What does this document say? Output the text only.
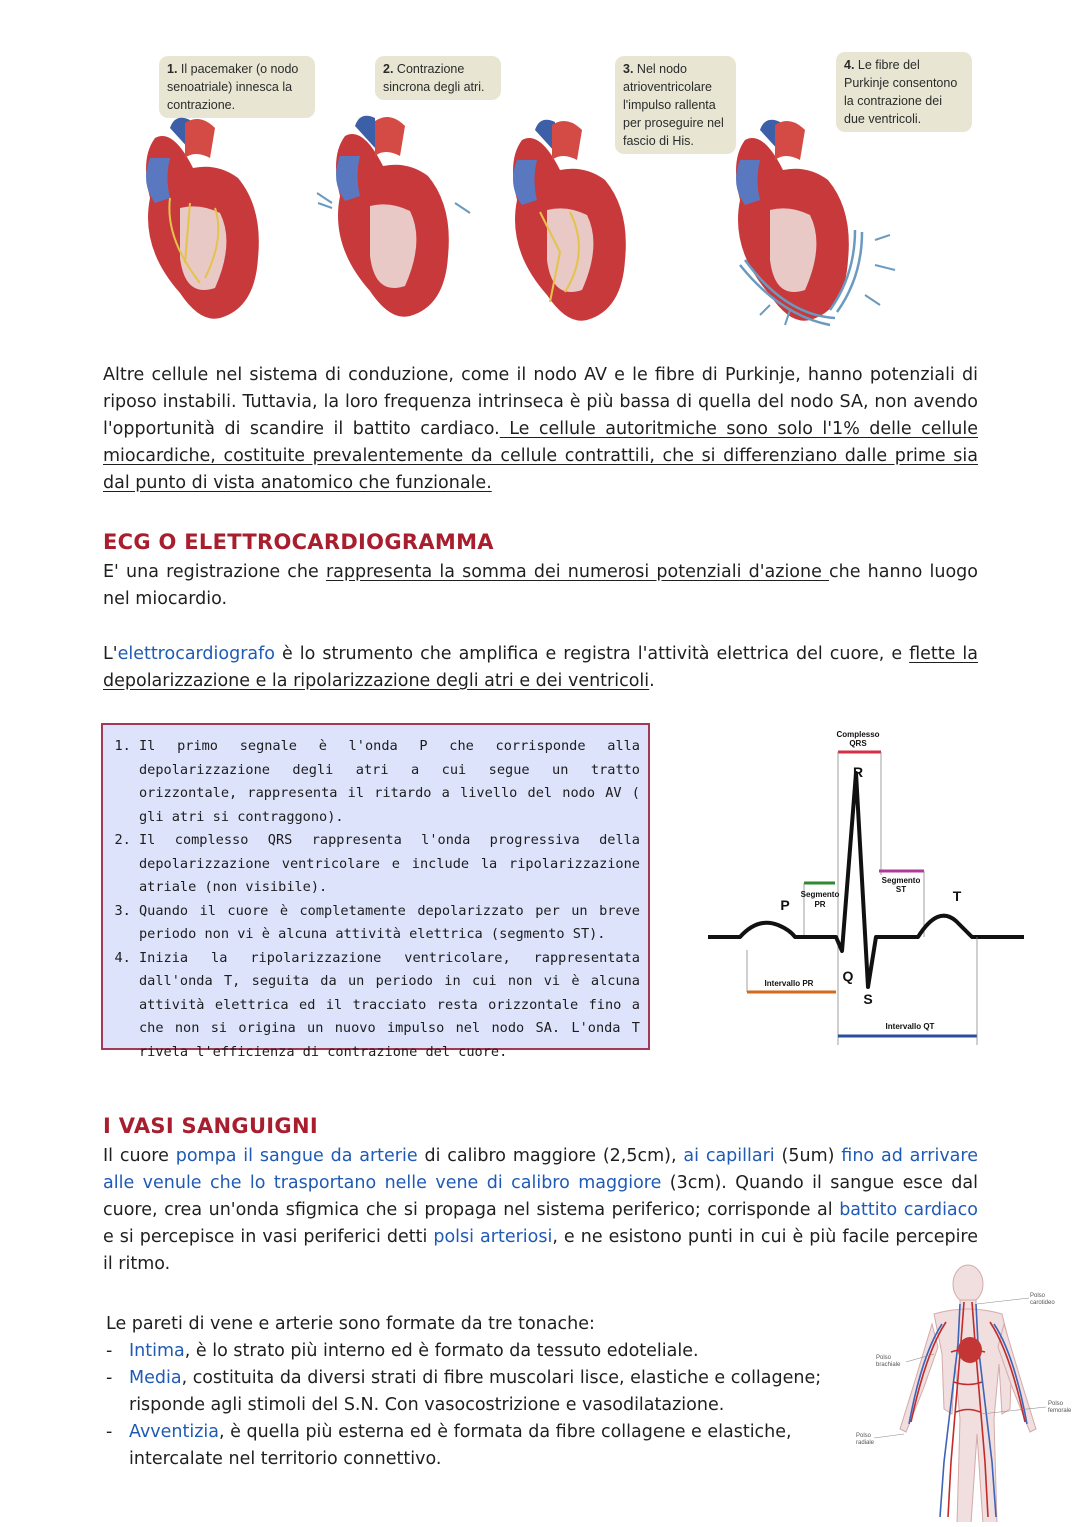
1. Il pacemaker (o nodo senoatriale) innesca la contrazione.
2. Contrazione sincrona degli atri.
3. Nel nodo atrioventricolare l'impulso rallenta per proseguire nel fascio di His.
4. Le fibre del Purkinje consentono la contrazione dei due ventricoli.
Altre cellule nel sistema di conduzione, come il nodo AV e le fibre di Purkinje, hanno potenziali di riposo instabili. Tuttavia, la loro frequenza intrinseca è più bassa di quella del nodo SA, non avendo l'opportunità di scandire il battito cardiaco. Le cellule autoritmiche sono solo l'1% delle cellule miocardiche, costituite prevalentemente da cellule contrattili, che si differenziano dalle prime sia dal punto di vista anatomico che funzionale.
ECG O ELETTROCARDIOGRAMMA
E' una registrazione che rappresenta la somma dei numerosi potenziali d'azione che hanno luogo nel miocardio.
L'elettrocardiografo è lo strumento che amplifica e registra l'attività elettrica del cuore, e flette la depolarizzazione e la ripolarizzazione degli atri e dei ventricoli.
1. Il primo segnale è l'onda P che corrisponde alla depolarizzazione degli atri a cui segue un tratto orizzontale, rappresenta il ritardo a livello del nodo AV ( gli atri si contraggono).
2. Il complesso QRS rappresenta l'onda progressiva della depolarizzazione ventricolare e include la ripolarizzazione atriale (non visibile).
3. Quando il cuore è completamente depolarizzato per un breve periodo non vi è alcuna attività elettrica (segmento ST).
4. Inizia la ripolarizzazione ventricolare, rappresentata dall'onda T, seguita da un periodo in cui non vi è alcuna attività elettrica ed il tracciato resta orizzontale fino a che non si origina un nuovo impulso nel nodo SA. L'onda T rivela l'efficienza di contrazione del cuore.
Complesso
QRS
Segmento
PR
Segmento
ST
P
R
Q
S
T
Intervallo PR
Intervallo QT
I VASI SANGUIGNI
Il cuore pompa il sangue da arterie di calibro maggiore (2,5cm), ai capillari (5um) fino ad arrivare alle venule che lo trasportano nelle vene di calibro maggiore (3cm). Quando il sangue esce dal cuore, crea un'onda sfigmica che si propaga nel sistema periferico; corrisponde al battito cardiaco e si percepisce in vasi periferici detti polsi arteriosi, e ne esistono punti in cui è più facile percepire il ritmo.
Le pareti di vene e arterie sono formate da tre tonache:
- Intima, è lo strato più interno ed è formato da tessuto edoteliale.
- Media, costituita da diversi strati di fibre muscolari lisce, elastiche e collagene; risponde agli stimoli del S.N. Con vasocostrizione e vasodilatazione.
- Avventizia, è quella più esterna ed è formata da fibre collagene e elastiche, intercalate nel territorio connettivo.
Polso
carotideo
Polso
brachiale
Polso
femorale
Polso
radiale
